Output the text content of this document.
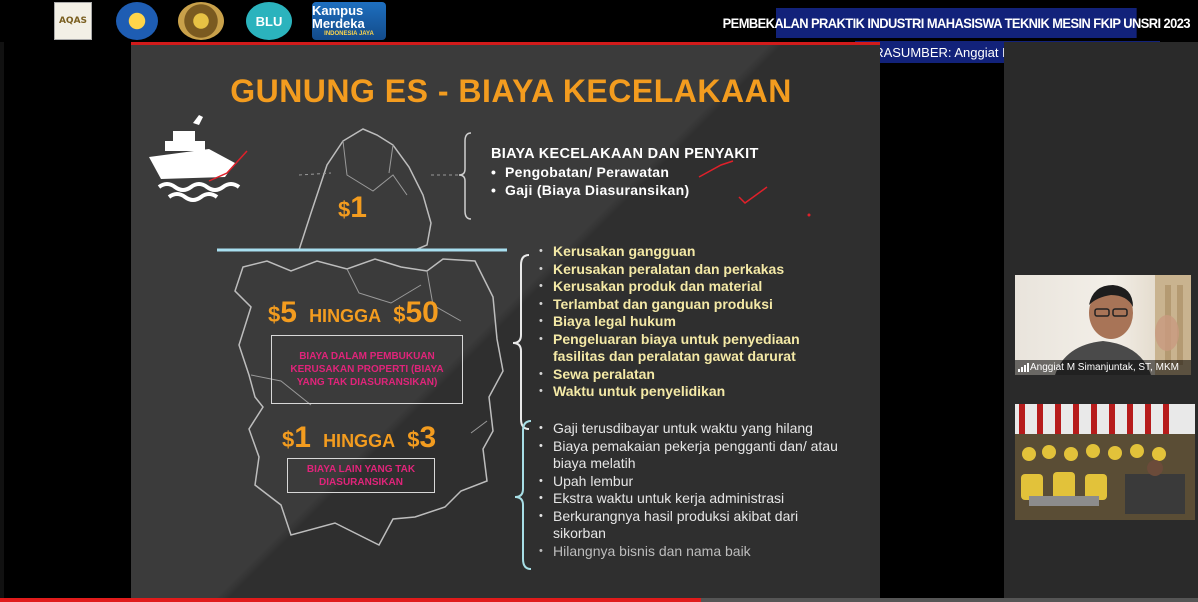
AQAS	BLU
Kampus Merdeka
INDONESIA JAYA
PEMBEKALAN PRAKTIK INDUSTRI MAHASISWA TEKNIK MESIN FKIP UNSRI 2023
NARASUMBER: Anggiat
GUNUNG ES - BIAYA KECELAKAAN
BIAYA KECELAKAAN DAN PENYAKIT
• Pengobatan/ Perawatan
• Gaji (Biaya Diasuransikan)
$1
$5 HINGGA $50
BIAYA DALAM PEMBUKUAN KERUSAKAN PROPERTI (BIAYA YANG TAK DIASURANSIKAN)
$1 HINGGA $3
BIAYA LAIN YANG TAK DIASURANSIKAN
• Kerusakan gangguan
• Kerusakan peralatan dan perkakas
• Kerusakan produk dan material
• Terlambat dan ganguan produksi
• Biaya legal hukum
• Pengeluaran biaya untuk penyediaan fasilitas dan peralatan gawat darurat
• Sewa peralatan
• Waktu untuk penyelidikan
• Gaji terusdibayar untuk waktu yang hilang
• Biaya pemakaian pekerja pengganti dan/ atau biaya melatih
• Upah lembur
• Ekstra waktu untuk kerja administrasi
• Berkurangnya hasil produksi akibat dari sikorban
• Hilangnya bisnis dan nama baik
Anggiat M Simanjuntak, ST, MKM
